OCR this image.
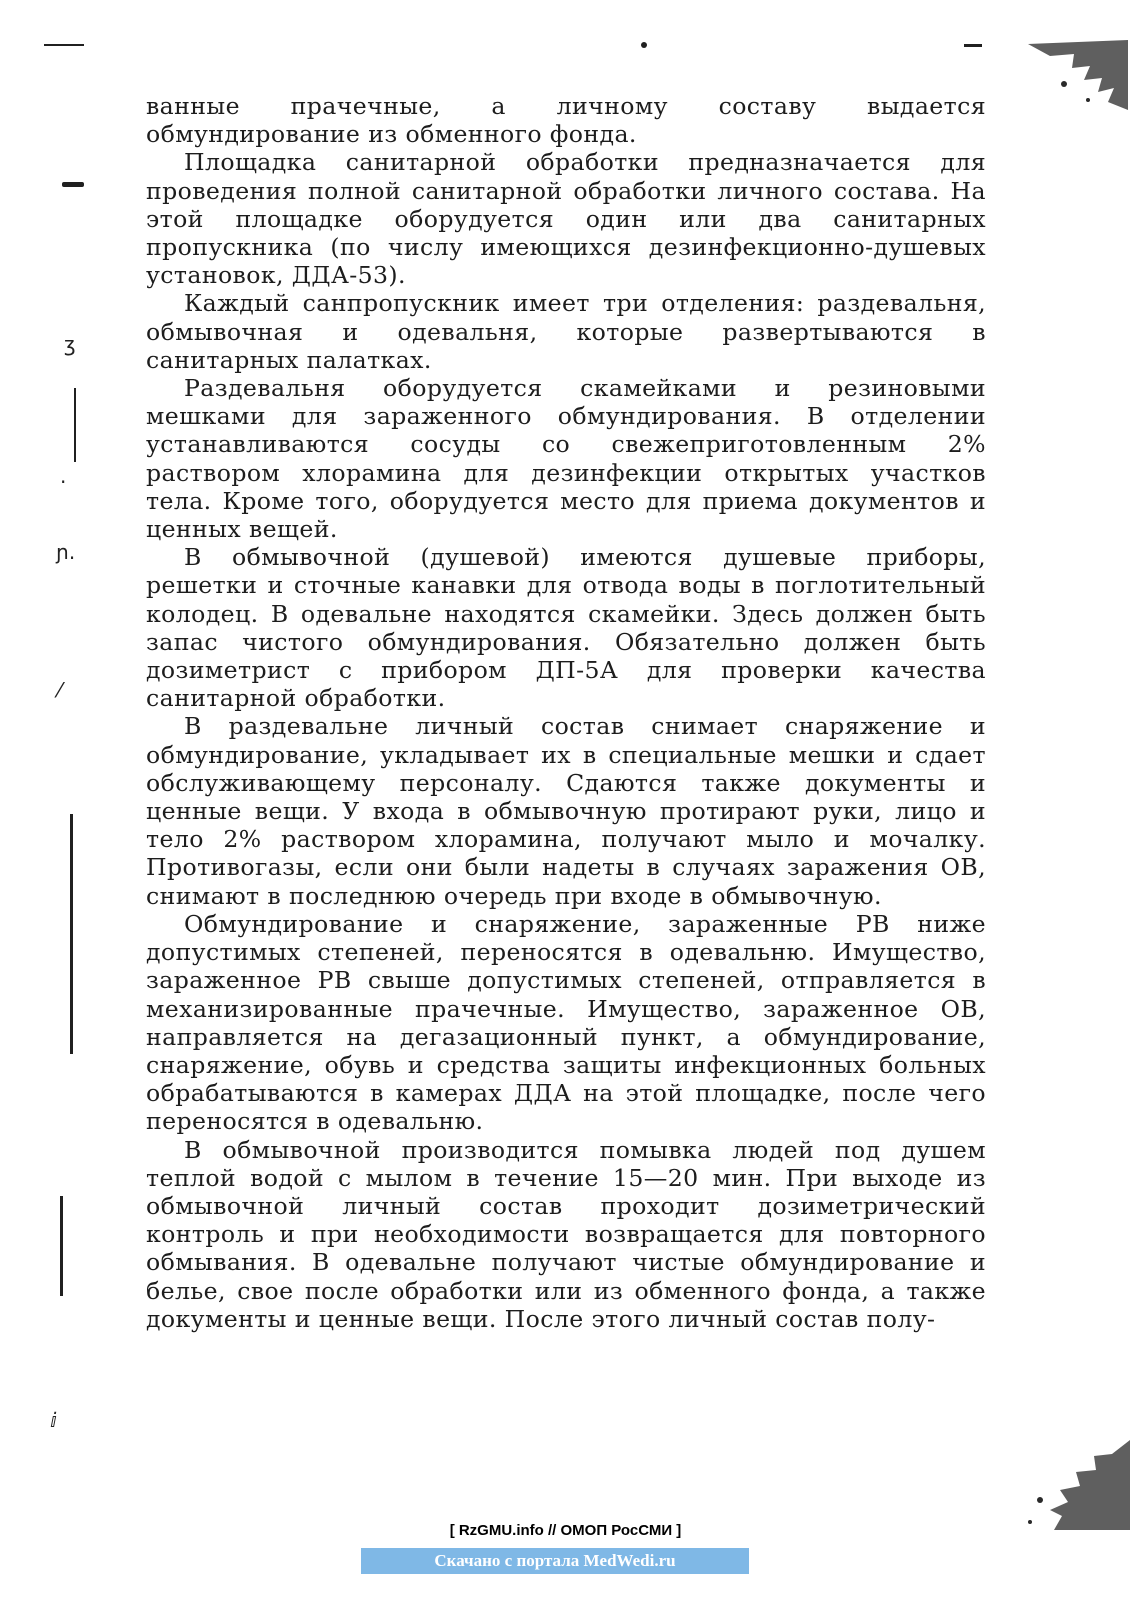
ʒ
ɲ.
⁄
·
ⅈ

ванные прачечные, а личному составу выдается обмундирование из обменного фонда.

Площадка санитарной обработки предназначается для проведения полной санитарной обработки личного состава. На этой площадке оборудуется один или два санитарных пропускника (по числу имеющихся дезинфекционно-душевых установок, ДДА-53).

Каждый санпропускник имеет три отделения: раздевальня, обмывочная и одевальня, которые развертываются в санитарных палатках.

Раздевальня оборудуется скамейками и резиновыми мешками для зараженного обмундирования. В отделении устанавливаются сосуды со свежеприготовленным 2% раствором хлорамина для дезинфекции открытых участков тела. Кроме того, оборудуется место для приема документов и ценных вещей.

В обмывочной (душевой) имеются душевые приборы, решетки и сточные канавки для отвода воды в поглотительный колодец. В одевальне находятся скамейки. Здесь должен быть запас чистого обмундирования. Обязательно должен быть дозиметрист с прибором ДП-5А для проверки качества санитарной обработки.

В раздевальне личный состав снимает снаряжение и обмундирование, укладывает их в специальные мешки и сдает обслуживающему персоналу. Сдаются также документы и ценные вещи. У входа в обмывочную протирают руки, лицо и тело 2% раствором хлорамина, получают мыло и мочалку. Противогазы, если они были надеты в случаях заражения ОВ, снимают в последнюю очередь при входе в обмывочную.

Обмундирование и снаряжение, зараженные РВ ниже допустимых степеней, переносятся в одевальню. Имущество, зараженное РВ свыше допустимых степеней, отправляется в механизированные прачечные. Имущество, зараженное ОВ, направляется на дегазационный пункт, а обмундирование, снаряжение, обувь и средства защиты инфекционных больных обрабатываются в камерах ДДА на этой площадке, после чего переносятся в одевальню.

В обмывочной производится помывка людей под душем теплой водой с мылом в течение 15—20 мин. При выходе из обмывочной личный состав проходит дозиметрический контроль и при необходимости возвращается для повторного обмывания. В одевальне получают чистые обмундирование и белье, свое после обработки или из обменного фонда, а также документы и ценные вещи. После этого личный состав полу-

[ RzGMU.info // ОМОП РосСМИ ]
Скачано с портала MedWedi.ru
